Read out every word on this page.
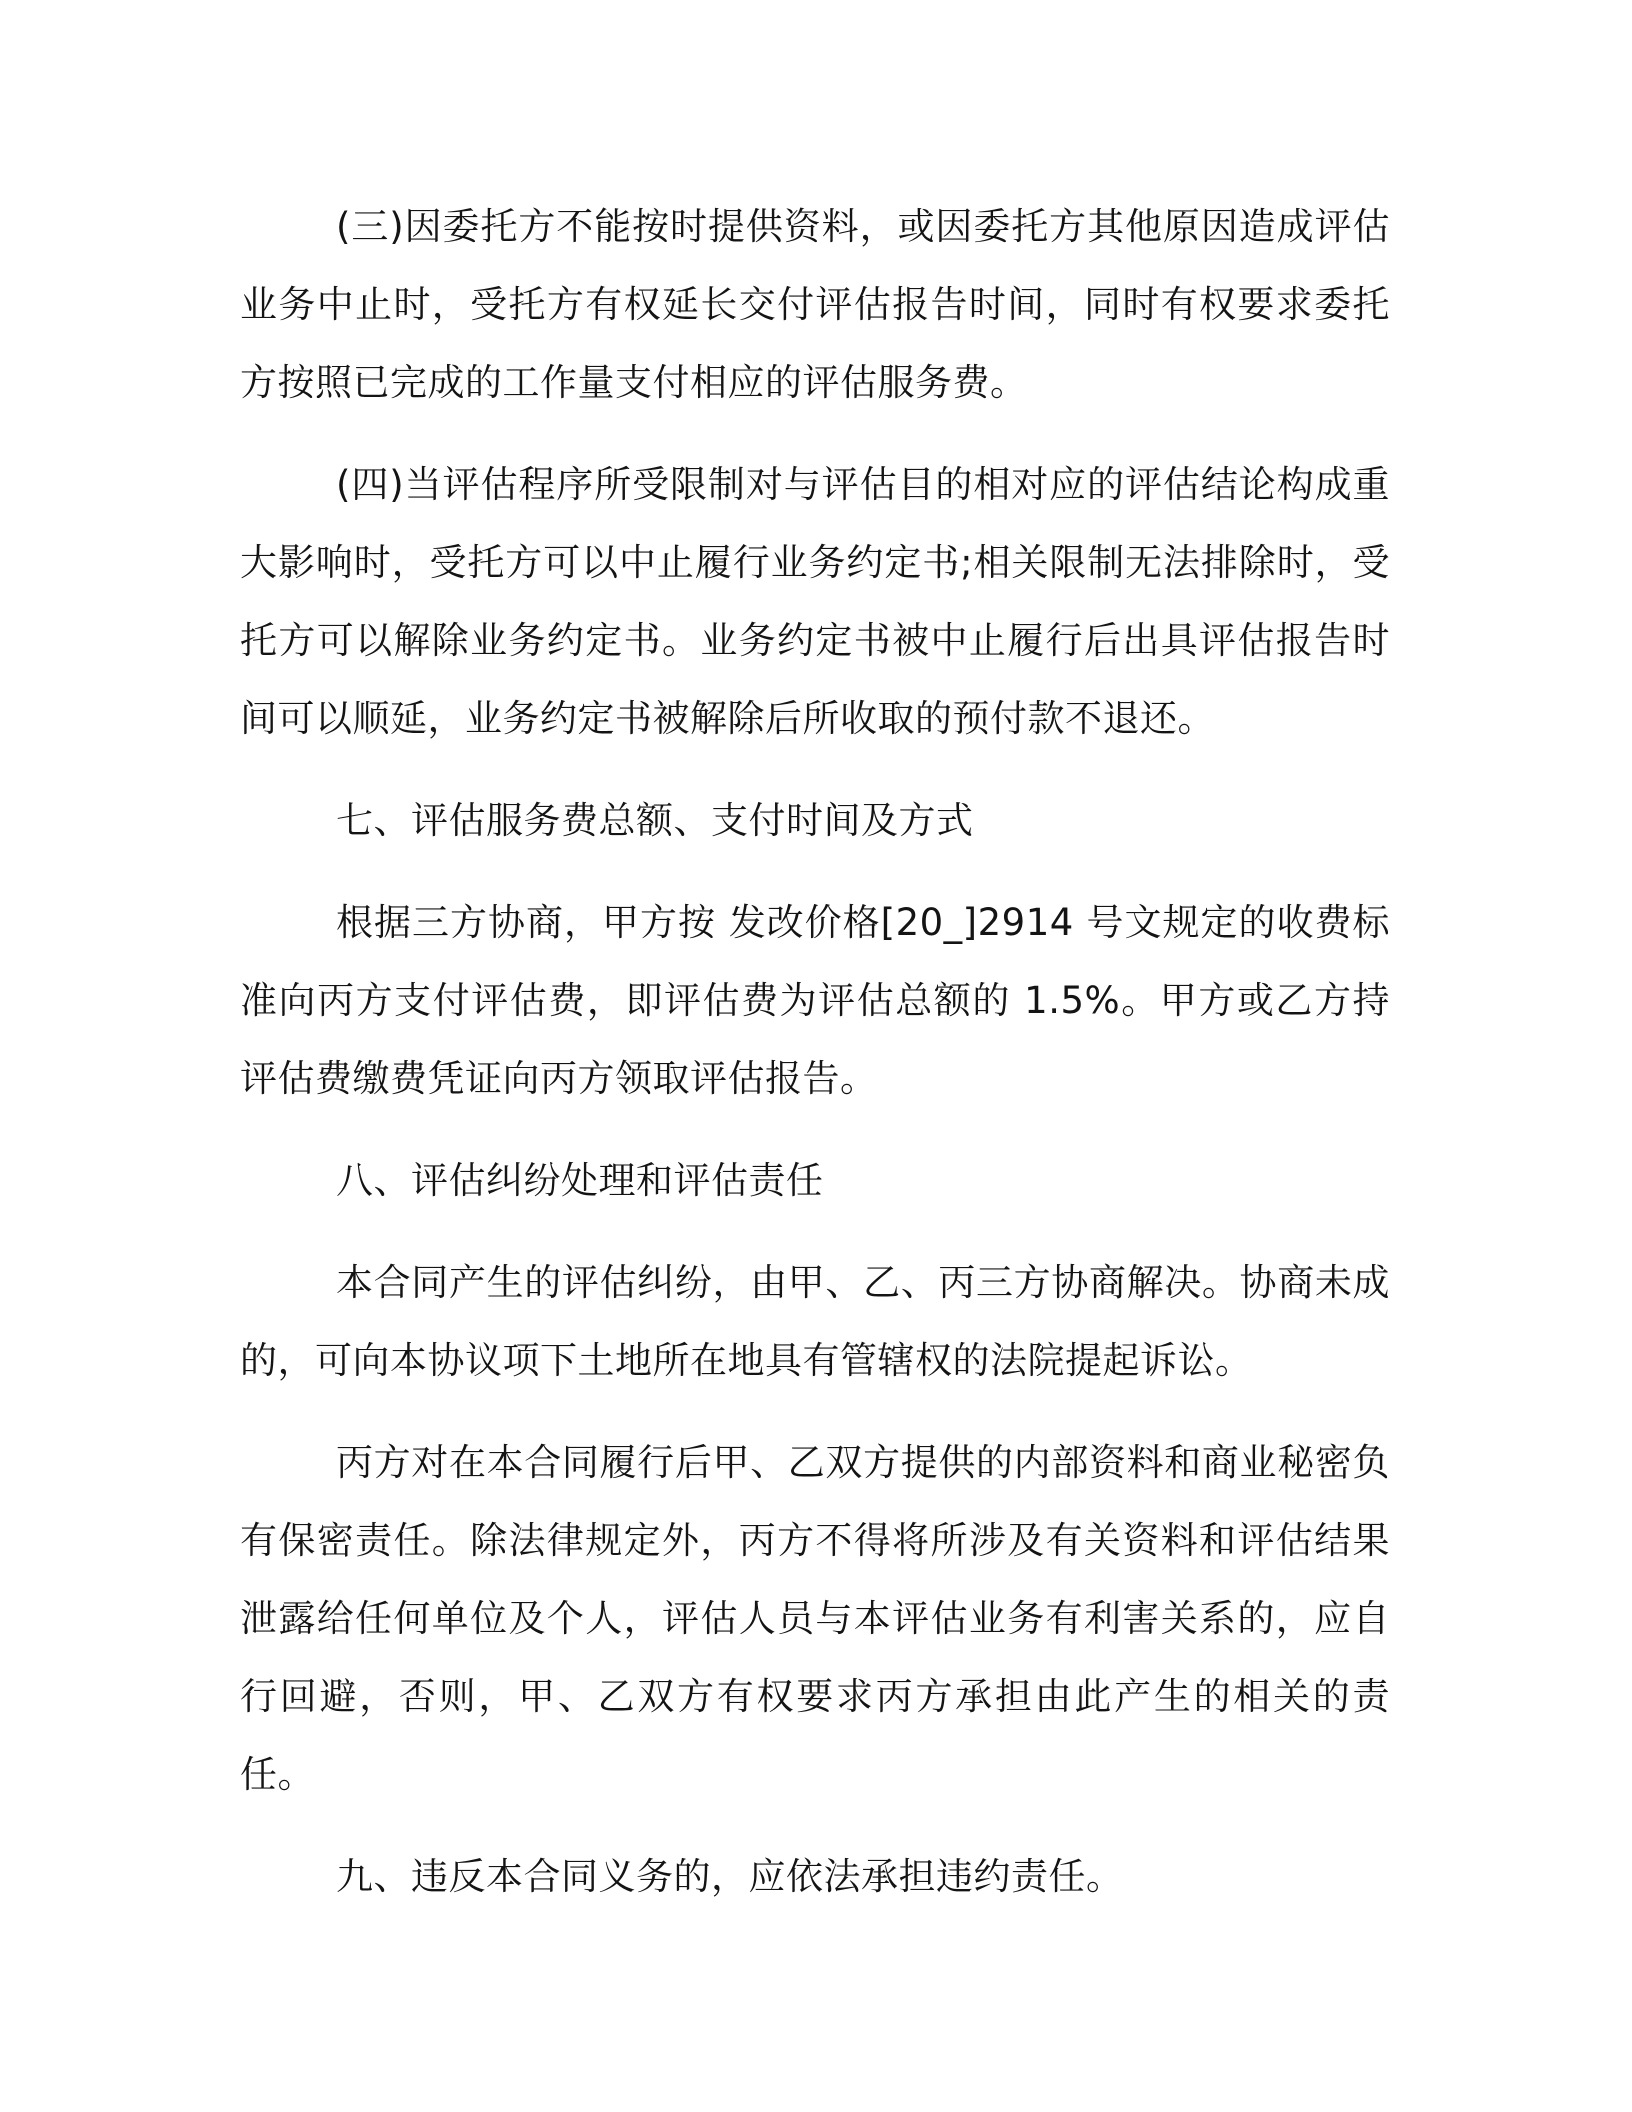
(三)因委托方不能按时提供资料，或因委托方其他原因造成评估业务中止时，受托方有权延长交付评估报告时间，同时有权要求委托方按照已完成的工作量支付相应的评估服务费。

(四)当评估程序所受限制对与评估目的相对应的评估结论构成重大影响时，受托方可以中止履行业务约定书;相关限制无法排除时，受托方可以解除业务约定书。业务约定书被中止履行后出具评估报告时间可以顺延，业务约定书被解除后所收取的预付款不退还。

七、评估服务费总额、支付时间及方式

根据三方协商，甲方按 发改价格[20_]2914 号文规定的收费标准向丙方支付评估费，即评估费为评估总额的 1.5%。甲方或乙方持评估费缴费凭证向丙方领取评估报告。

八、评估纠纷处理和评估责任

本合同产生的评估纠纷，由甲、乙、丙三方协商解决。协商未成的，可向本协议项下土地所在地具有管辖权的法院提起诉讼。

丙方对在本合同履行后甲、乙双方提供的内部资料和商业秘密负有保密责任。除法律规定外，丙方不得将所涉及有关资料和评估结果泄露给任何单位及个人，评估人员与本评估业务有利害关系的，应自行回避，否则，甲、乙双方有权要求丙方承担由此产生的相关的责任。

九、违反本合同义务的，应依法承担违约责任。
